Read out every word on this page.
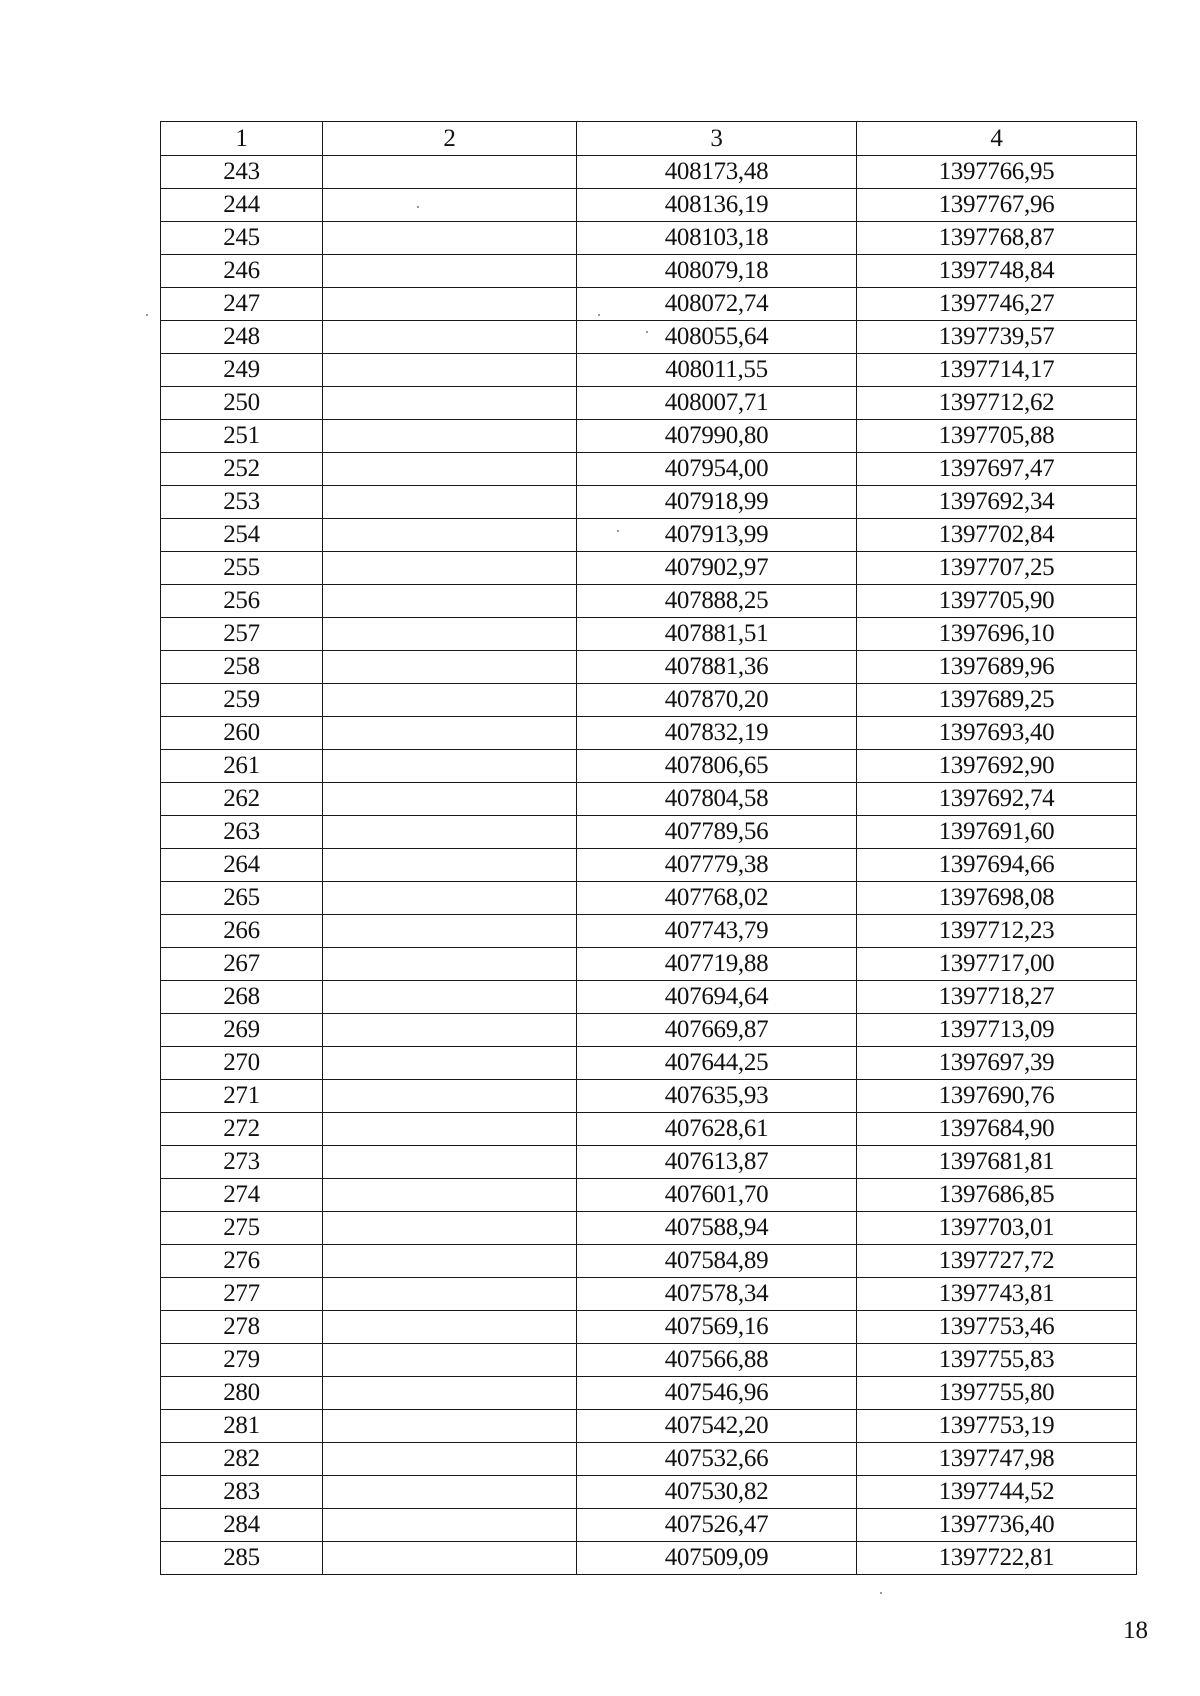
1	2	3	4
243		408173,48	1397766,95
244		408136,19	1397767,96
245		408103,18	1397768,87
246		408079,18	1397748,84
247		408072,74	1397746,27
248		408055,64	1397739,57
249		408011,55	1397714,17
250		408007,71	1397712,62
251		407990,80	1397705,88
252		407954,00	1397697,47
253		407918,99	1397692,34
254		407913,99	1397702,84
255		407902,97	1397707,25
256		407888,25	1397705,90
257		407881,51	1397696,10
258		407881,36	1397689,96
259		407870,20	1397689,25
260		407832,19	1397693,40
261		407806,65	1397692,90
262		407804,58	1397692,74
263		407789,56	1397691,60
264		407779,38	1397694,66
265		407768,02	1397698,08
266		407743,79	1397712,23
267		407719,88	1397717,00
268		407694,64	1397718,27
269		407669,87	1397713,09
270		407644,25	1397697,39
271		407635,93	1397690,76
272		407628,61	1397684,90
273		407613,87	1397681,81
274		407601,70	1397686,85
275		407588,94	1397703,01
276		407584,89	1397727,72
277		407578,34	1397743,81
278		407569,16	1397753,46
279		407566,88	1397755,83
280		407546,96	1397755,80
281		407542,20	1397753,19
282		407532,66	1397747,98
283		407530,82	1397744,52
284		407526,47	1397736,40
285		407509,09	1397722,81
18
